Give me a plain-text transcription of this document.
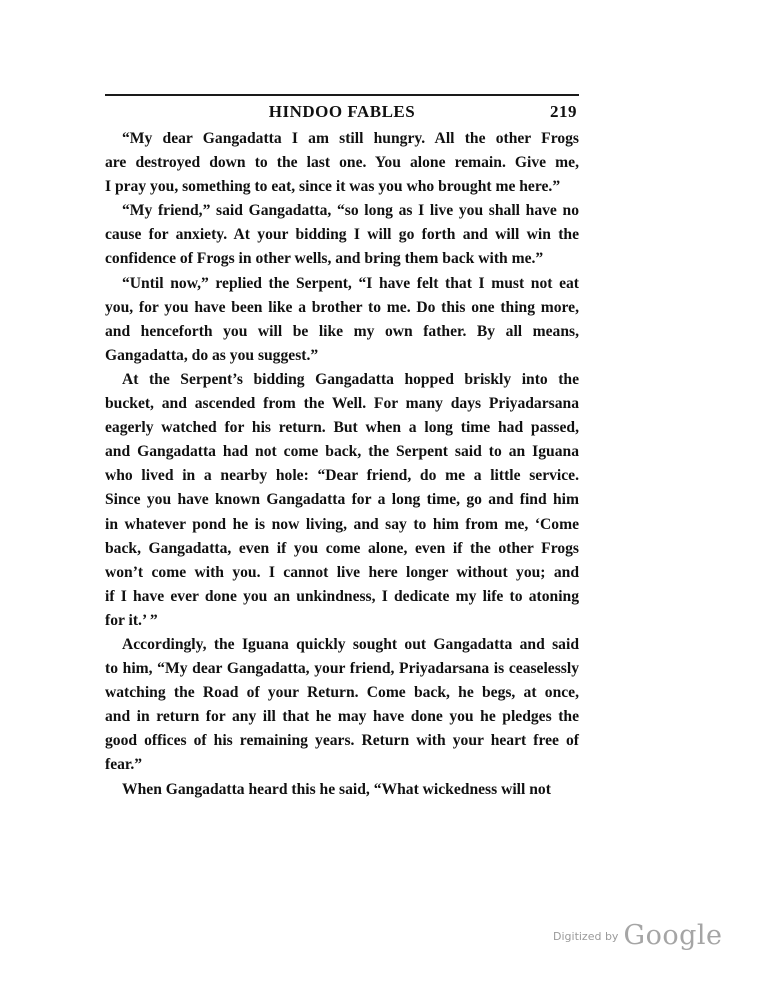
HINDOO FABLES	219
“My dear Gangadatta I am still hungry. All the other Frogs
are destroyed down to the last one. You alone remain. Give me,
I pray you, something to eat, since it was you who brought me here.”
“My friend,” said Gangadatta, “so long as I live you shall have no
cause for anxiety. At your bidding I will go forth and will win the
confidence of Frogs in other wells, and bring them back with me.”
“Until now,” replied the Serpent, “I have felt that I must not eat
you, for you have been like a brother to me. Do this one thing more,
and henceforth you will be like my own father. By all means,
Gangadatta, do as you suggest.”
At the Serpent’s bidding Gangadatta hopped briskly into the
bucket, and ascended from the Well. For many days Priyadarsana
eagerly watched for his return. But when a long time had passed,
and Gangadatta had not come back, the Serpent said to an Iguana
who lived in a nearby hole: “Dear friend, do me a little service.
Since you have known Gangadatta for a long time, go and find him
in whatever pond he is now living, and say to him from me, ‘Come
back, Gangadatta, even if you come alone, even if the other Frogs
won’t come with you. I cannot live here longer without you; and
if I have ever done you an unkindness, I dedicate my life to atoning
for it.’ ”
Accordingly, the Iguana quickly sought out Gangadatta and said
to him, “My dear Gangadatta, your friend, Priyadarsana is ceaselessly
watching the Road of your Return. Come back, he begs, at once,
and in return for any ill that he may have done you he pledges the
good offices of his remaining years. Return with your heart free of
fear.”
When Gangadatta heard this he said, “What wickedness will not
$^{Digitized by}$ Google
